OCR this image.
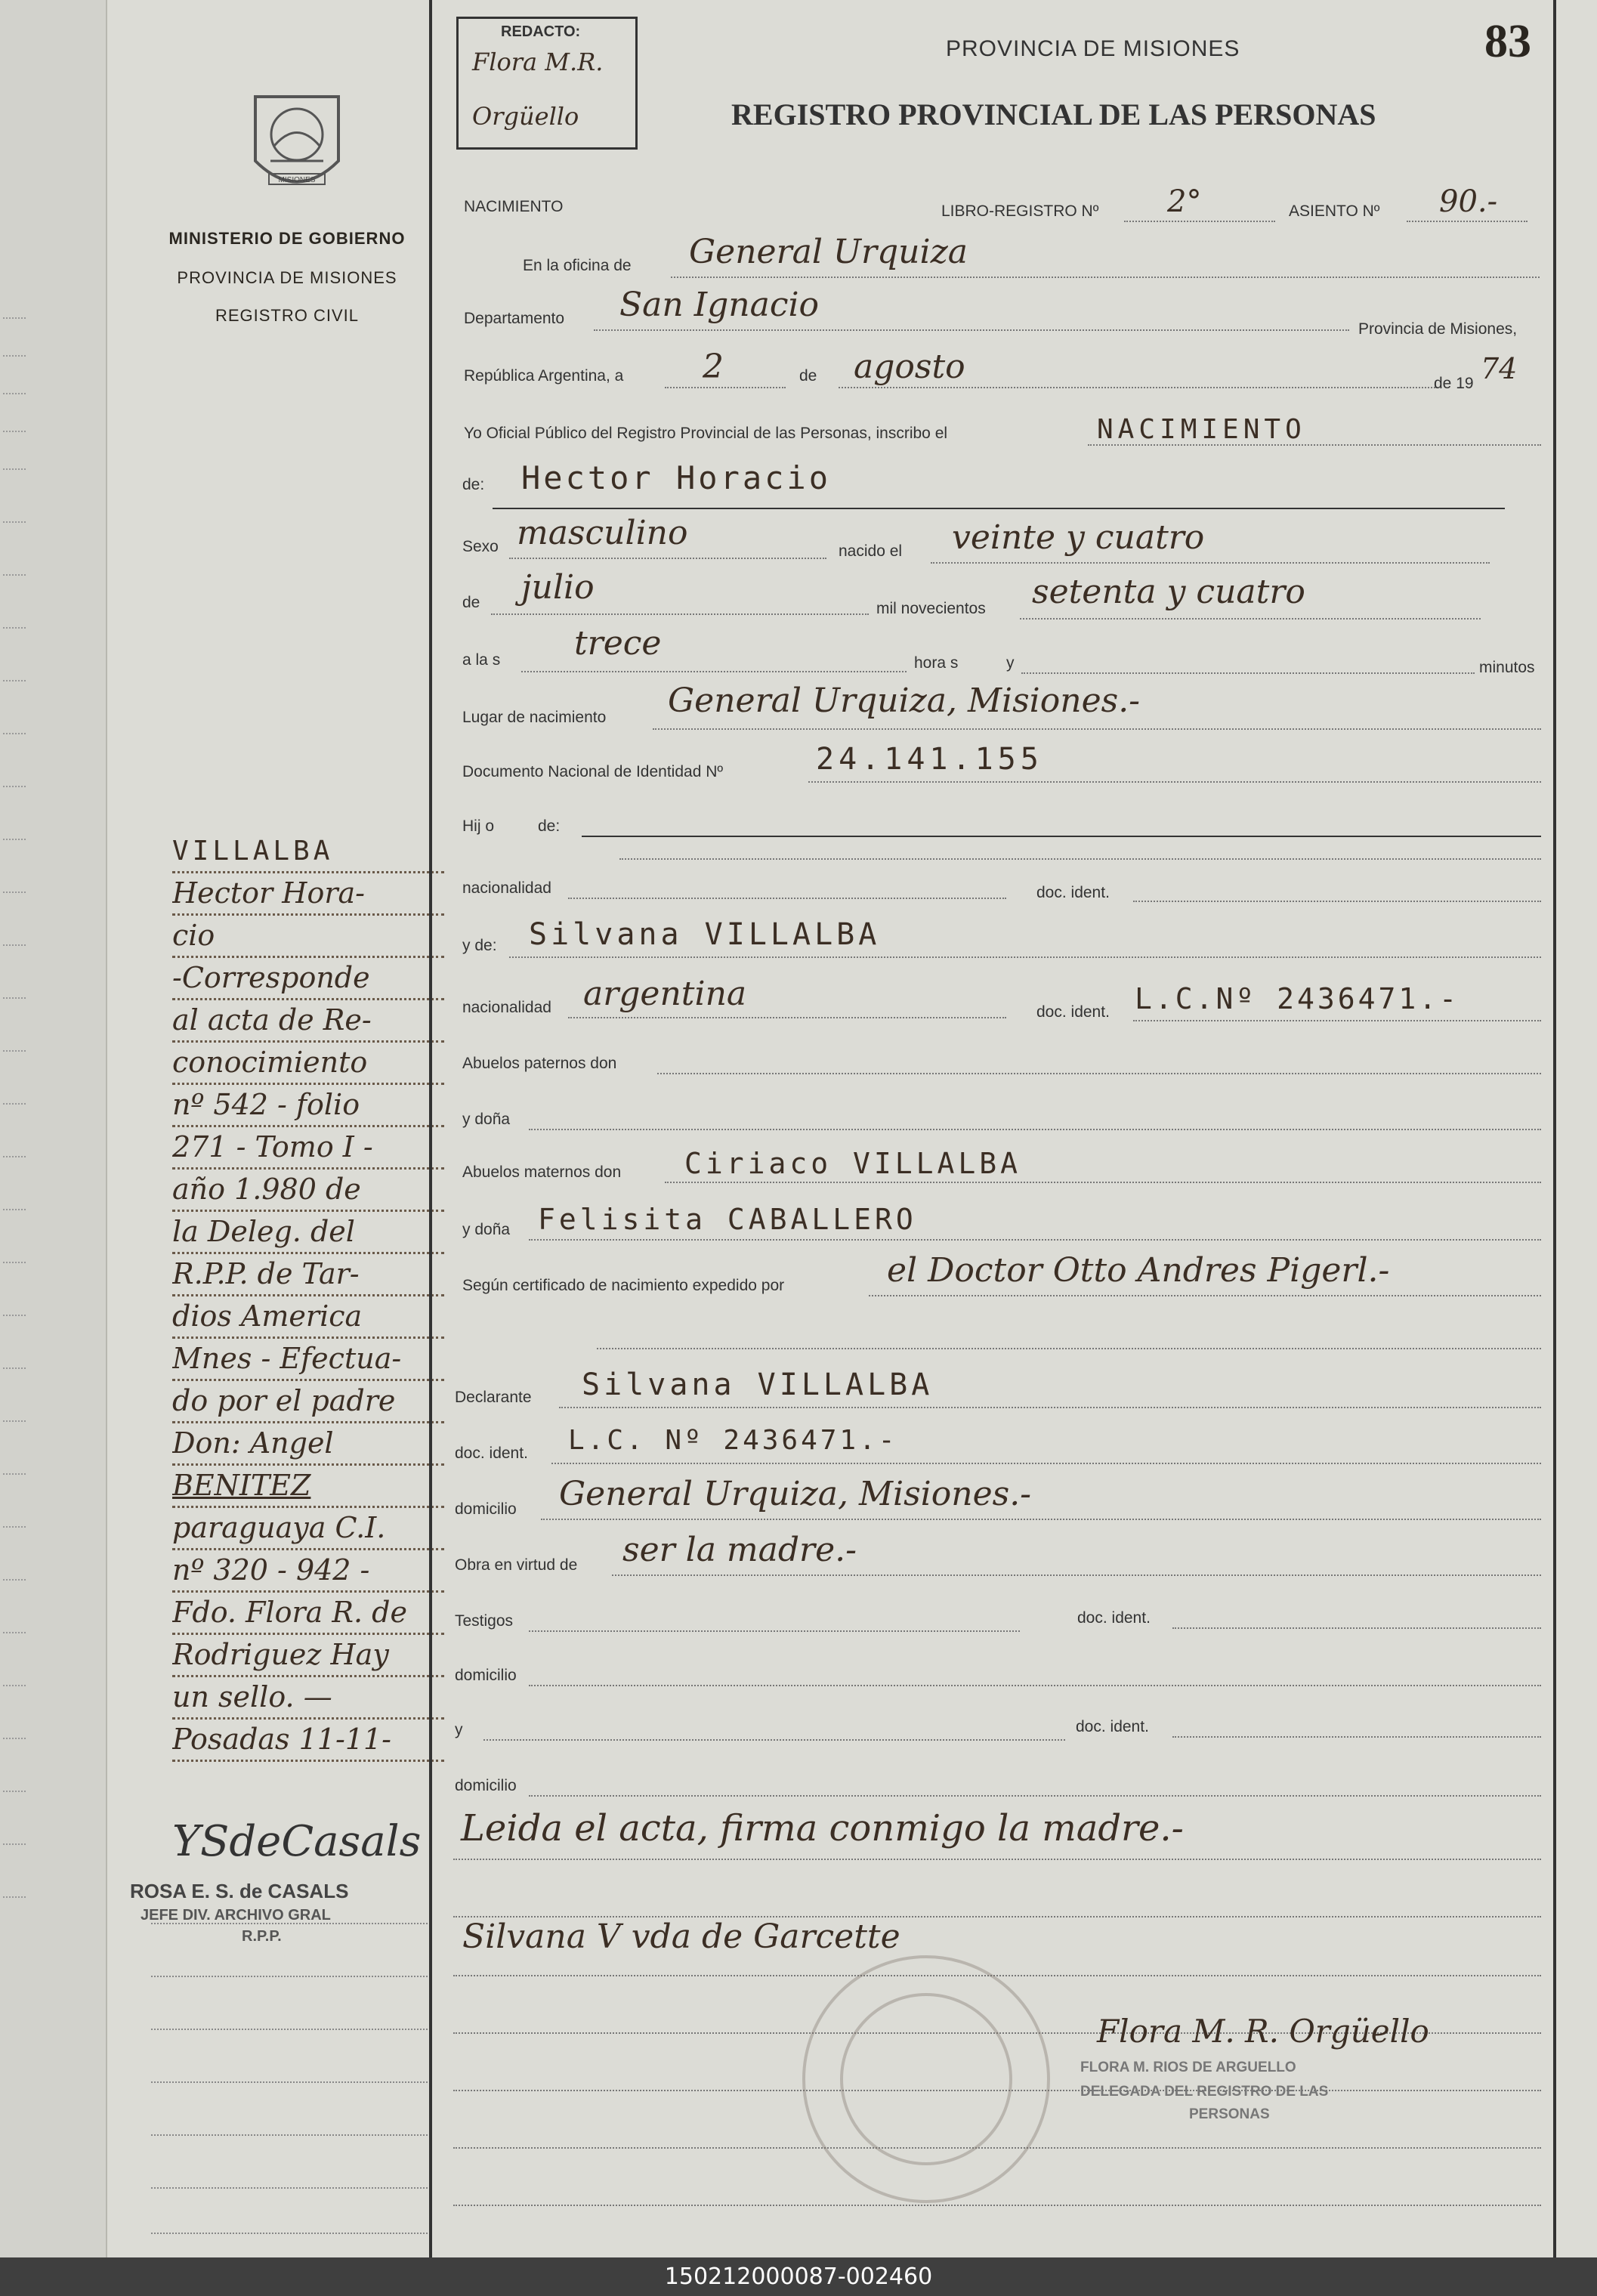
MISIONES
MINISTERIO DE GOBIERNO
PROVINCIA DE MISIONES
REGISTRO CIVIL
VILLALBA
Hector Hora-
cio
-Corresponde
al acta de Re-
conocimiento
nº 542 - folio
271 - Tomo I -
año 1.980 de
la Deleg. del
R.P.P. de Tar-
dios America
Mnes - Efectua-
do por el padre
Don: Angel
BENITEZ
paraguaya C.I.
nº 320 - 942 -
Fdo. Flora R. de
Rodriguez Hay
un sello. —
Posadas 11-11-
YSdeCasals
ROSA E. S. de CASALS
JEFE DIV. ARCHIVO GRAL
R.P.P.
REDACTO:
Flora M.R.
Orgüello
PROVINCIA DE MISIONES	83
REGISTRO PROVINCIAL DE LAS PERSONAS
NACIMIENTO	LIBRO-REGISTRO Nº 2°	ASIENTO Nº 90.-
En la oficina de General Urquiza
Departamento San Ignacio
Provincia de Misiones,
República Argentina, a 2	de agosto	de 19 74
Yo Oficial Público del Registro Provincial de las Personas, inscribo el	NACIMIENTO
de: Hector Horacio
Sexo masculino	nacido el veinte y cuatro
de julio
mil novecientos setenta y cuatro
a la s trece
hora s	y	minutos
Lugar de nacimiento General Urquiza, Misiones.-
Documento Nacional de Identidad Nº	24.141.155
Hij o	de:
nacionalidad	doc. ident.
y de: Silvana VILLALBA
nacionalidad argentina	doc. ident. L.C.Nº 2436471.-
Abuelos paternos don
y doña
Abuelos maternos don Ciriaco VILLALBA
y doña Felisita CABALLERO
Según certificado de nacimiento expedido por	el Doctor Otto Andres Pigerl.-
Declarante Silvana VILLALBA
doc. ident. L.C. Nº 2436471.-
domicilio General Urquiza, Misiones.-
Obra en virtud de ser la madre.-
Testigos	doc. ident.
domicilio
y	doc. ident.
domicilio
Leida el acta, firma conmigo la madre.-
Silvana V vda de Garcette
Flora M. R. Orgüello
FLORA M. RIOS DE ARGUELLO
DELEGADA DEL REGISTRO DE LAS
PERSONAS
150212000087-002460
